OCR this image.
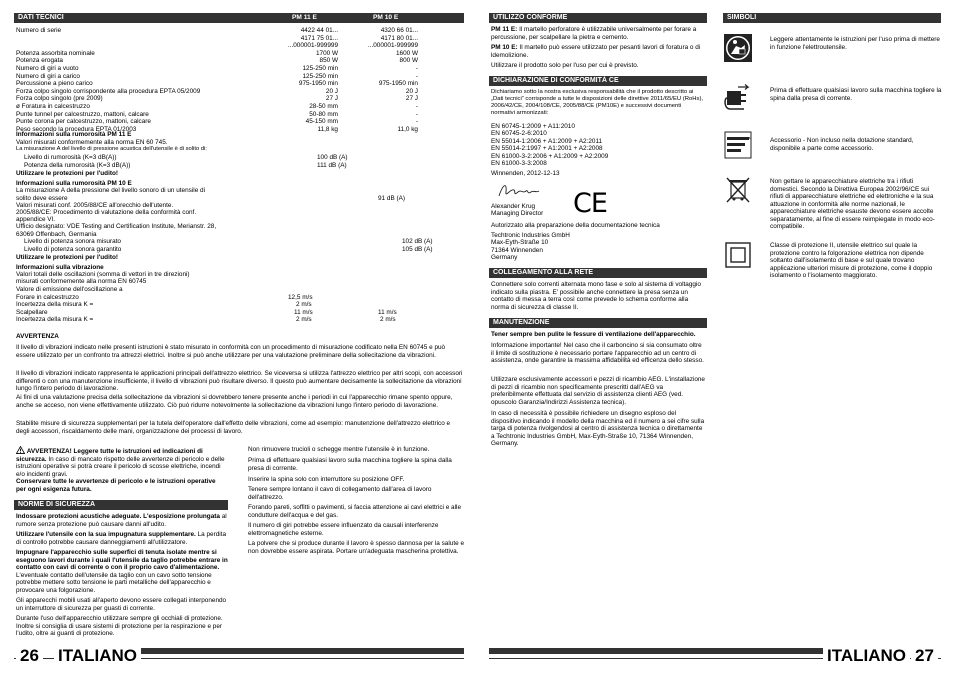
DATI TECNICI	PM 11 E	PM 10 E
Numero di serie	4422 44 01...	4320 66 01...
4171 75 01...	4171 80 01...
...000001-999999	...000001-999999
Potenza assorbita nominale	1700 W	1600 W
Potenza erogata	850 W	800 W
Numero di giri a vuoto	125-250 min	-
Numero di giri a carico	125-250 min	-
Percussione a pieno carico	975-1950 min	975-1950 min
Forza colpo singolo corrispondente alla procedura EPTA 05/2009	20 J	20 J
Forza colpo singolo (pre 2009)	27 J	27 J
ø Foratura in calcestruzzo	28-50 mm	-
Punte tunnel per calcestruzzo, mattoni, calcare	50-80 mm	-
Punte corona per calcestruzzo, mattoni, calcare	45-150 mm	-
Peso secondo la procedura EPTA 01/2003	11,8 kg	11,0 kg
Informazioni sulla rumorosità PM 11 E
Valori misurati conformemente alla norma EN 60 745.
La misurazione A del livello di pressione acustica dell'utensile è di solito di:
Livello di rumorosità (K=3 dB(A))	100 dB (A)
Potenza della rumorosità (K=3 dB(A))	111 dB (A)
Utilizzare le protezioni per l'udito!
Informazioni sulla rumorosità PM 10 E
La misurazione A della pressione del livello sonoro di un utensile di
solito deve essere	91 dB (A)
Valori misurati conf. 2005/88/CE all'orecchio dell'utente.
2005/88/CE: Procedimento di valutazione della conformità conf.
appendice VI.
Ufficio designato: VDE Testing and Certification Institute, Merianstr. 28,
63069 Offenbach, Germania
Livello di potenza sonora misurato	102 dB (A)
Livello di potenza sonora garantito	105 dB (A)
Utilizzare le protezioni per l'udito!
Informazioni sulla vibrazione
Valori totali delle oscillazioni (somma di vettori in tre direzioni)
misurati conformemente alla norma EN 60745
Valore di emissione dell'oscillazione a
Forare in calcestruzzo	12,5 m/s
Incertezza della misura K =	2 m/s
Scalpellare	11 m/s	11 m/s
Incertezza della misura K =	2 m/s	2 m/s
AVVERTENZA
Il livello di vibrazioni indicato nelle presenti istruzioni è stato misurato in conformità con un procedimento di misurazione codificato nella EN 60745 e può essere utilizzato per un confronto tra attrezzi elettrici. Inoltre si può anche utilizzare per una valutazione preliminare della sollecitazione da vibrazioni.
Il livello di vibrazioni indicato rappresenta le applicazioni principali dell'attrezzo elettrico. Se viceversa si utilizza l'attrezzo elettrico per altri scopi, con accessori differenti o con una manutenzione insufficiente, il livello di vibrazioni può risultare diverso. Il questo può aumentare decisamente la sollecitazione da vibrazioni lungo l'intero periodo di lavorazione.
Ai fini di una valutazione precisa della sollecitazione da vibrazioni si dovrebbero tenere presente anche i periodi in cui l'apparecchio rimane spento oppure, anche se acceso, non viene effettivamente utilizzato. Ciò può ridurre notevolmente la sollecitazione da vibrazioni lungo l'intero periodo di lavorazione.
Stabilite misure di sicurezza supplementari per la tutela dell'operatore dall'effetto delle vibrazioni, come ad esempio: manutenzione dell'attrezzo elettrico e degli accessori, riscaldamento delle mani, organizzazione dei processi di lavoro.
AVVERTENZA! Leggere tutte le istruzioni ed indicazioni di sicurezza. In caso di mancato rispetto delle avvertenze di pericolo e delle istruzioni operative si potrà creare il pericolo di scosse elettriche, incendi e/o incidenti gravi.
Conservare tutte le avvertenze di pericolo e le istruzioni operative per ogni esigenza futura.
NORME DI SICUREZZA
Indossare protezioni acustiche adeguate. L'esposizione prolungata al rumore senza protezione può causare danni all'udito.
Utilizzare l'utensile con la sua impugnatura supplementare. La perdita di controllo potrebbe causare danneggiamenti all'utilizzatore.
Impugnare l'apparecchio sulle superfici di tenuta isolate mentre si eseguono lavori durante i quali l'utensile da taglio potrebbe entrare in contatto con cavi di corrente o con il proprio cavo d'alimentazione. L'eventuale contatto dell'utensile da taglio con un cavo sotto tensione potrebbe mettere sotto tensione le parti metalliche dell'apparecchio e provocare una folgorazione.
Gli apparecchi mobili usati all'aperto devono essere collegati interponendo un interruttore di sicurezza per guasti di corrente.
Durante l'uso dell'apparecchio utilizzare sempre gli occhiali di protezione. Inoltre si consiglia di usare sistemi di protezione per la respirazione e per l'udito, oltre ai guanti di protezione.
Non rimuovere trucioli o schegge mentre l'utensile è in funzione.
Prima di effettuare qualsiasi lavoro sulla macchina togliere la spina dalla presa di corrente.
Inserire la spina solo con interruttore su posizione OFF.
Tenere sempre lontano il cavo di collegamento dall'area di lavoro dell'attrezzo.
Forando pareti, soffitti o pavimenti, si faccia attenzione ai cavi elettrici e alle condutture dell'acqua e del gas.
Il numero di giri potrebbe essere influenzato da causali interferenze elettromagnetiche esterne.
La polvere che si produce durante il lavoro è spesso dannosa per la salute e non dovrebbe essere aspirata. Portare un'adeguata mascherina protettiva.
26 ITALIANO
UTILIZZO CONFORME
PM 11 E: Il martello perforatore è utilizzabile universalmente per forare a percussione, per scalpellare la pietra e cemento.
PM 10 E: Il martello può essere utilizzato per pesanti lavori di foratura o di ldemolizione.
Utilizzare il prodotto solo per l'uso per cui è previsto.
DICHIARAZIONE DI CONFORMITÀ CE
Dichiariamo sotto la nostra esclusiva responsabilità che il prodotto descritto ai „Dati tecnici“ corrisponde a tutte le disposizioni delle direttive 2011/65/EU (RoHs), 2006/42/CE, 2004/108/CE, 2005/88/CE (PM10E) e successivi documenti normativi armonizzati:
EN 60745-1:2009 + A11:2010
EN 60745-2-6:2010
EN 55014-1:2006 + A1:2009 + A2:2011
EN 55014-2:1997 + A1:2001 + A2:2008
EN 61000-3-2:2006 + A1:2009 + A2:2009
EN 61000-3-3:2008
Winnenden, 2012-12-13
Alexander Krug
Managing Director CE
Autorizzato alla preparazione della documentazione tecnica
Techtronic Industries GmbH
Max-Eyth-Straße 10
71364 Winnenden
Germany
COLLEGAMENTO ALLA RETE
Connettere solo correnti alternata mono fase e solo al sistema di voltaggio indicato sulla piastra. E' possibile anche connettere la presa senza un contatto di messa a terra così come prevede lo schema conforme alla norma di sicurezza di classe II.
MANUTENZIONE
Tener sempre ben pulite le fessure di ventilazione dell'apparecchio.
Informazione importante! Nel caso che il carboncino si sia consumato oltre il limite di sostituzione è necessario portare l'apparecchio ad un centro di assistenza, onde garantire la massima affidabilità ed efficenza dello stesso.
Utilizzare esclusivamente accessori e pezzi di ricambio AEG. L'installazione di pezzi di ricambio non specificamente prescritti dall'AEG va preferibilmente effettuata dal servizio di assistenza clienti AEG (ved. opuscolo Garanzia/Indirizzi Assistenza tecnica).
In caso di necessità è possibile richiedere un disegno esploso del dispositivo indicando il modello della macchina ed il numero a sei cifre sulla targa di potenza rivolgendosi al centro di assistenza tecnica o direttamente a Techtronic Industries GmbH, Max-Eyth-Straße 10, 71364 Winnenden, Germany.
SIMBOLI
Leggere attentamente le istruzioni per l'uso prima di mettere in funzione l'elettroutensile.
Prima di effettuare qualsiasi lavoro sulla macchina togliere la spina dalla presa di corrente.
Accessorio - Non incluso nella dotazione standard, disponibile a parte come accessorio.
Non gettare le apparecchiature elettriche tra i rifiuti domestici. Secondo la Direttiva Europea 2002/96/CE sui rifiuti di apparecchiature elettriche ed elettroniche e la sua attuazione in conformità alle norme nazionali, le apparecchiature elettriche esauste devono essere accolte separatamente, al fine di essere reimpiegate in modo eco-compatibile.
Classe di protezione II, utensile elettrico sul quale la protezione contro la folgorazione elettrica non dipende soltanto dall'isolamento di base e sul quale trovano applicazione ulteriori misure di protezione, come il doppio isolamento o l'isolamento maggiorato.
ITALIANO 27
